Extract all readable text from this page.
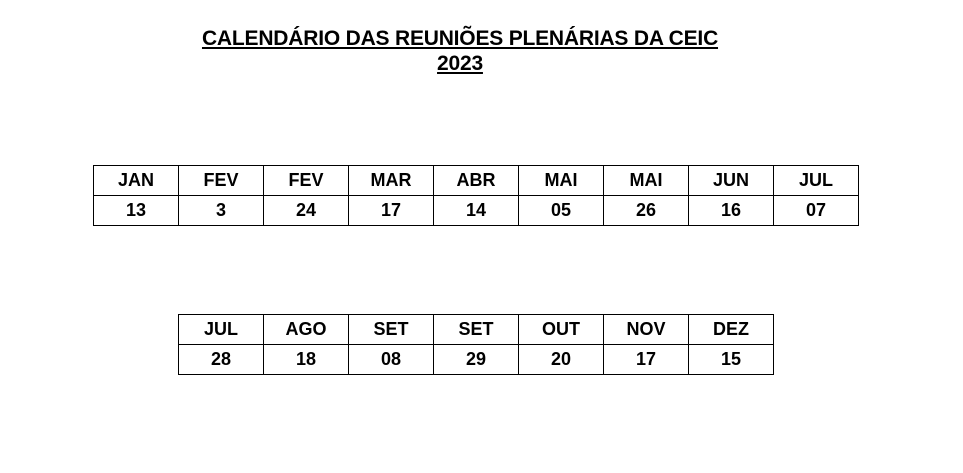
CALENDÁRIO DAS REUNIÕES PLENÁRIAS DA CEIC
2023
JAN	FEV	FEV	MAR	ABR	MAI	MAI	JUN	JUL
13	3	24	17	14	05	26	16	07
JUL	AGO	SET	SET	OUT	NOV	DEZ
28	18	08	29	20	17	15
